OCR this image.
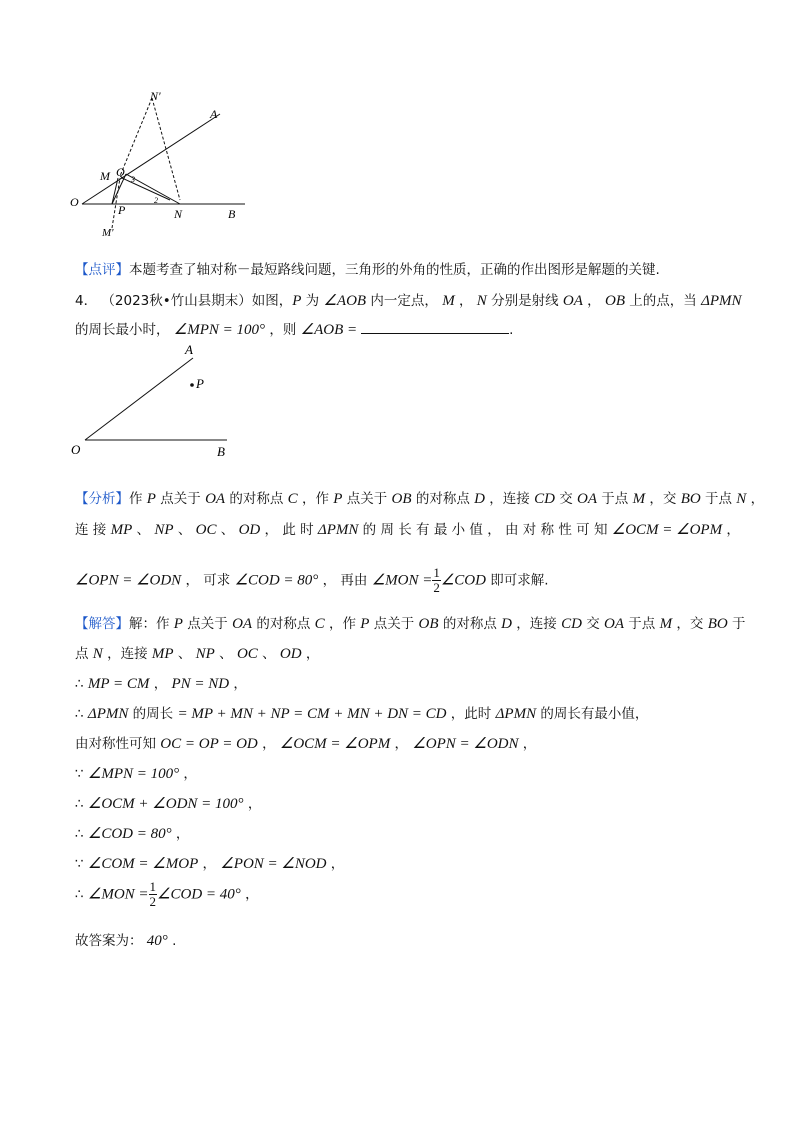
N'
A
M Q
O
P	N	B
M'
3
2
【点评】本题考查了轴对称－最短路线问题，三角形的外角的性质，正确的作出图形是解题的关键.
4． （2023秋•竹山县期末）如图，P 为 ∠AOB 内一定点， M ， N 分别是射线 OA ， OB 上的点，当 ΔPMN
的周长最小时， ∠MPN = 100° ，则 ∠AOB =	.
A
P
O	B
【分析】作 P 点关于 OA 的对称点 C ，作 P 点关于 OB 的对称点 D ，连接 CD 交 OA 于点 M ，交 BO 于点 N ，
连 接 MP 、 NP 、 OC 、 OD ， 此 时 ΔPMN 的 周 长 有 最 小 值 ， 由 对 称 性 可 知 ∠OCM = ∠OPM ，
∠OPN = ∠ODN ， 可求 ∠COD = 80° ， 再由 ∠MON = $\frac{1}{2}$ ∠COD 即可求解.
【解答】解：作 P 点关于 OA 的对称点 C ，作 P 点关于 OB 的对称点 D ，连接 CD 交 OA 于点 M ，交 BO 于
点 N ，连接 MP 、 NP 、 OC 、 OD ，
∴ MP = CM ， PN = ND ，
∴ ΔPMN 的周长 = MP + MN + NP = CM + MN + DN = CD ，此时 ΔPMN 的周长有最小值，
由对称性可知 OC = OP = OD ， ∠OCM = ∠OPM ， ∠OPN = ∠ODN ，
∵ ∠MPN = 100° ，
∴ ∠OCM + ∠ODN = 100° ，
∴ ∠COD = 80° ，
∵ ∠COM = ∠MOP ， ∠PON = ∠NOD ，
∴ ∠MON = $\frac{1}{2}$ ∠COD = 40° ，
故答案为： 40° .
